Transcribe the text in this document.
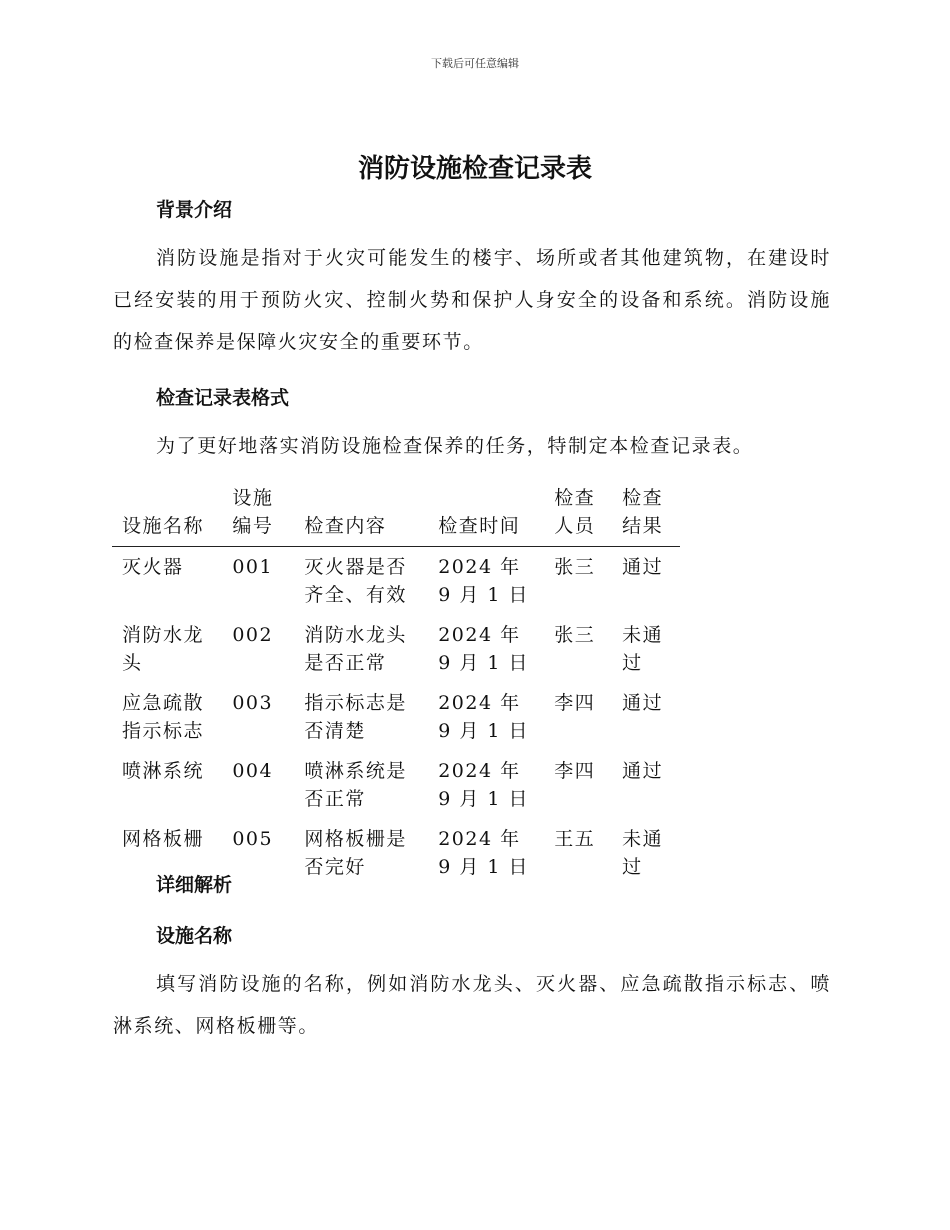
下载后可任意编辑
消防设施检查记录表
背景介绍
消防设施是指对于火灾可能发生的楼宇、场所或者其他建筑物，在建设时已经安装的用于预防火灾、控制火势和保护人身安全的设备和系统。消防设施的检查保养是保障火灾安全的重要环节。
检查记录表格式
为了更好地落实消防设施检查保养的任务，特制定本检查记录表。
设施名称	设施编号	检查内容	检查时间	检查人员	检查结果
灭火器	001	灭火器是否齐全、有效	2024 年 9 月 1 日	张三	通过
消防水龙头	002	消防水龙头是否正常	2024 年 9 月 1 日	张三	未通过
应急疏散指示标志	003	指示标志是否清楚	2024 年 9 月 1 日	李四	通过
喷淋系统	004	喷淋系统是否正常	2024 年 9 月 1 日	李四	通过
网格板栅	005	网格板栅是否完好	2024 年 9 月 1 日	王五	未通过
详细解析
设施名称
填写消防设施的名称，例如消防水龙头、灭火器、应急疏散指示标志、喷淋系统、网格板栅等。
